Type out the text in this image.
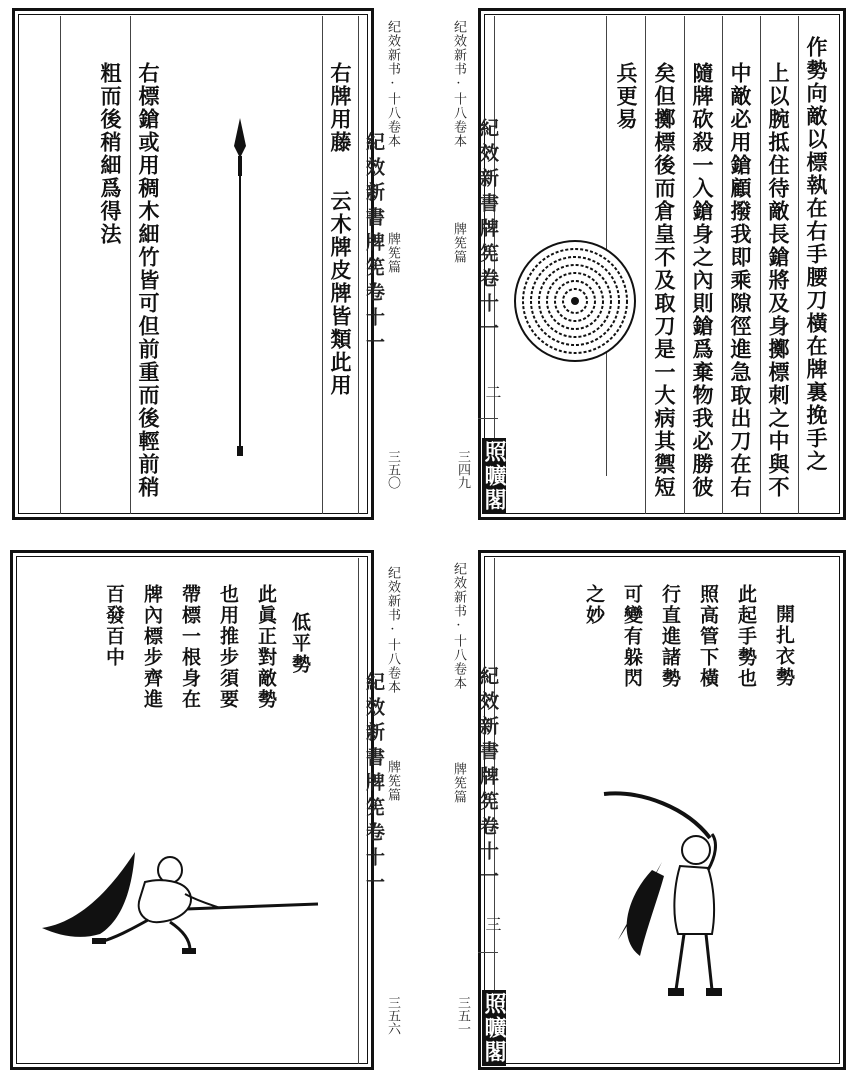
右牌用藤
云木牌皮牌皆類此用
右標鎗或用稠木細竹皆可但前重而後輕前稍
粗而後稍細爲得法	纪效新书·十八卷本
牌筅篇
紀效新書牌筅卷十一
三五〇	作勢向敵以標執在右手腰刀橫在牌裏挽手之
上以腕抵住待敵長鎗將及身擲標刺之中與不
中敵必用鎗顧撥我即乘隙徑進急取出刀在右
隨牌砍殺一入鎗身之內則鎗爲棄物我必勝彼
矣但擲標後而倉皇不及取刀是一大病其禦短
兵更易
纪效新书·十八卷本
牌筅篇 紀效新書牌筅卷十一
二
三四九 照曠閣
低平勢
此眞正對敵勢
也用推步須要
帶標一根身在
牌內標步齊進
百發百中	纪效新书·十八卷本
牌筅篇
紀效新書牌筅卷十一
三五六
開扎衣勢
此起手勢也
照高管下橫
行直進諸勢
可變有躲閃
之妙
纪效新书·十八卷本
牌筅篇 紀效新書牌筅卷十一
三
三五一 照曠閣
